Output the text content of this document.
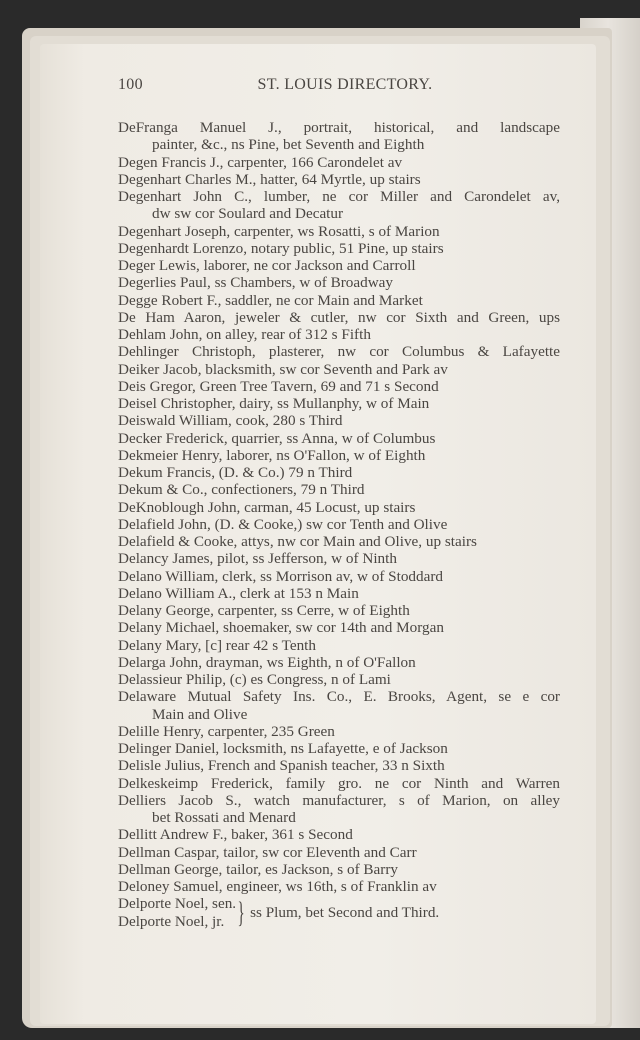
100	ST. LOUIS DIRECTORY.
DeFranga Manuel J., portrait, historical, and landscape
painter, &c., ns Pine, bet Seventh and Eighth
Degen Francis J., carpenter, 166 Carondelet av
Degenhart Charles M., hatter, 64 Myrtle, up stairs
Degenhart John C., lumber, ne cor Miller and Carondelet av,
dw sw cor Soulard and Decatur
Degenhart Joseph, carpenter, ws Rosatti, s of Marion
Degenhardt Lorenzo, notary public, 51 Pine, up stairs
Deger Lewis, laborer, ne cor Jackson and Carroll
Degerlies Paul, ss Chambers, w of Broadway
Degge Robert F., saddler, ne cor Main and Market
De Ham Aaron, jeweler & cutler, nw cor Sixth and Green, ups
Dehlam John, on alley, rear of 312 s Fifth
Dehlinger Christoph, plasterer, nw cor Columbus & Lafayette
Deiker Jacob, blacksmith, sw cor Seventh and Park av
Deis Gregor, Green Tree Tavern, 69 and 71 s Second
Deisel Christopher, dairy, ss Mullanphy, w of Main
Deiswald William, cook, 280 s Third
Decker Frederick, quarrier, ss Anna, w of Columbus
Dekmeier Henry, laborer, ns O'Fallon, w of Eighth
Dekum Francis, (D. & Co.) 79 n Third
Dekum & Co., confectioners, 79 n Third
DeKnoblough John, carman, 45 Locust, up stairs
Delafield John, (D. & Cooke,) sw cor Tenth and Olive
Delafield & Cooke, attys, nw cor Main and Olive, up stairs
Delancy James, pilot, ss Jefferson, w of Ninth
Delano William, clerk, ss Morrison av, w of Stoddard
Delano William A., clerk at 153 n Main
Delany George, carpenter, ss Cerre, w of Eighth
Delany Michael, shoemaker, sw cor 14th and Morgan
Delany Mary, [c] rear 42 s Tenth
Delarga John, drayman, ws Eighth, n of O'Fallon
Delassieur Philip, (c) es Congress, n of Lami
Delaware Mutual Safety Ins. Co., E. Brooks, Agent, se e cor
Main and Olive
Delille Henry, carpenter, 235 Green
Delinger Daniel, locksmith, ns Lafayette, e of Jackson
Delisle Julius, French and Spanish teacher, 33 n Sixth
Delkeskeimp Frederick, family gro. ne cor Ninth and Warren
Delliers Jacob S., watch manufacturer, s of Marion, on alley
bet Rossati and Menard
Dellitt Andrew F., baker, 361 s Second
Dellman Caspar, tailor, sw cor Eleventh and Carr
Dellman George, tailor, es Jackson, s of Barry
Deloney Samuel, engineer, ws 16th, s of Franklin av
Delporte Noel, sen.
Delporte Noel, jr. } ss Plum, bet Second and Third.
